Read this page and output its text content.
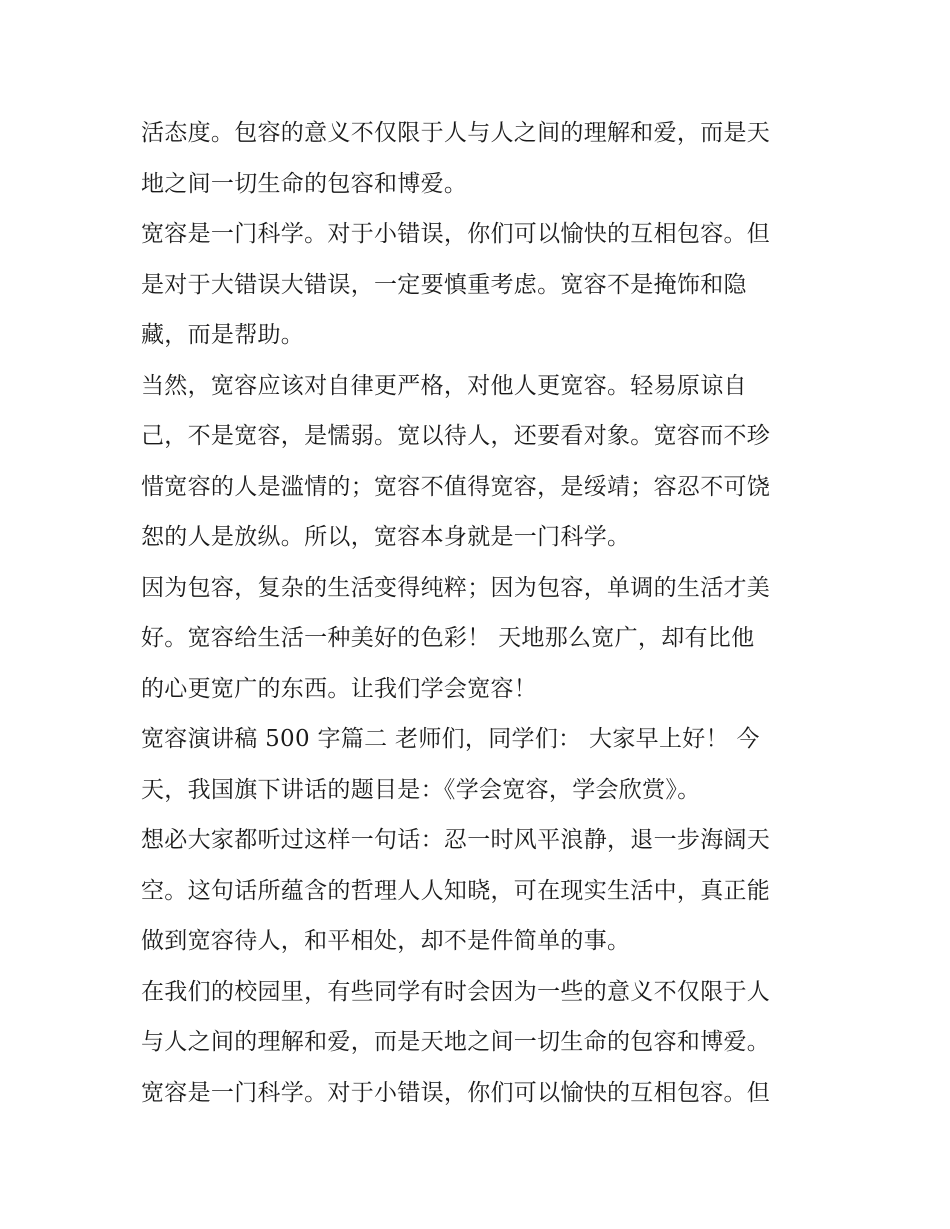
活态度。包容的意义不仅限于人与人之间的理解和爱，而是天
地之间一切生命的包容和博爱。

宽容是一门科学。对于小错误，你们可以愉快的互相包容。但
是对于大错误大错误，一定要慎重考虑。宽容不是掩饰和隐
藏，而是帮助。

当然，宽容应该对自律更严格，对他人更宽容。轻易原谅自
己，不是宽容，是懦弱。宽以待人，还要看对象。宽容而不珍
惜宽容的人是滥情的；宽容不值得宽容，是绥靖；容忍不可饶
恕的人是放纵。所以，宽容本身就是一门科学。

因为包容，复杂的生活变得纯粹；因为包容，单调的生活才美
好。宽容给生活一种美好的色彩！ 天地那么宽广，却有比他
的心更宽广的东西。让我们学会宽容！

宽容演讲稿 500 字篇二 老师们，同学们： 大家早上好！ 今
天，我国旗下讲话的题目是：《学会宽容，学会欣赏》。

想必大家都听过这样一句话：忍一时风平浪静，退一步海阔天
空。这句话所蕴含的哲理人人知晓，可在现实生活中，真正能
做到宽容待人，和平相处，却不是件简单的事。

在我们的校园里，有些同学有时会因为一些的意义不仅限于人
与人之间的理解和爱，而是天地之间一切生命的包容和博爱。

宽容是一门科学。对于小错误，你们可以愉快的互相包容。但
